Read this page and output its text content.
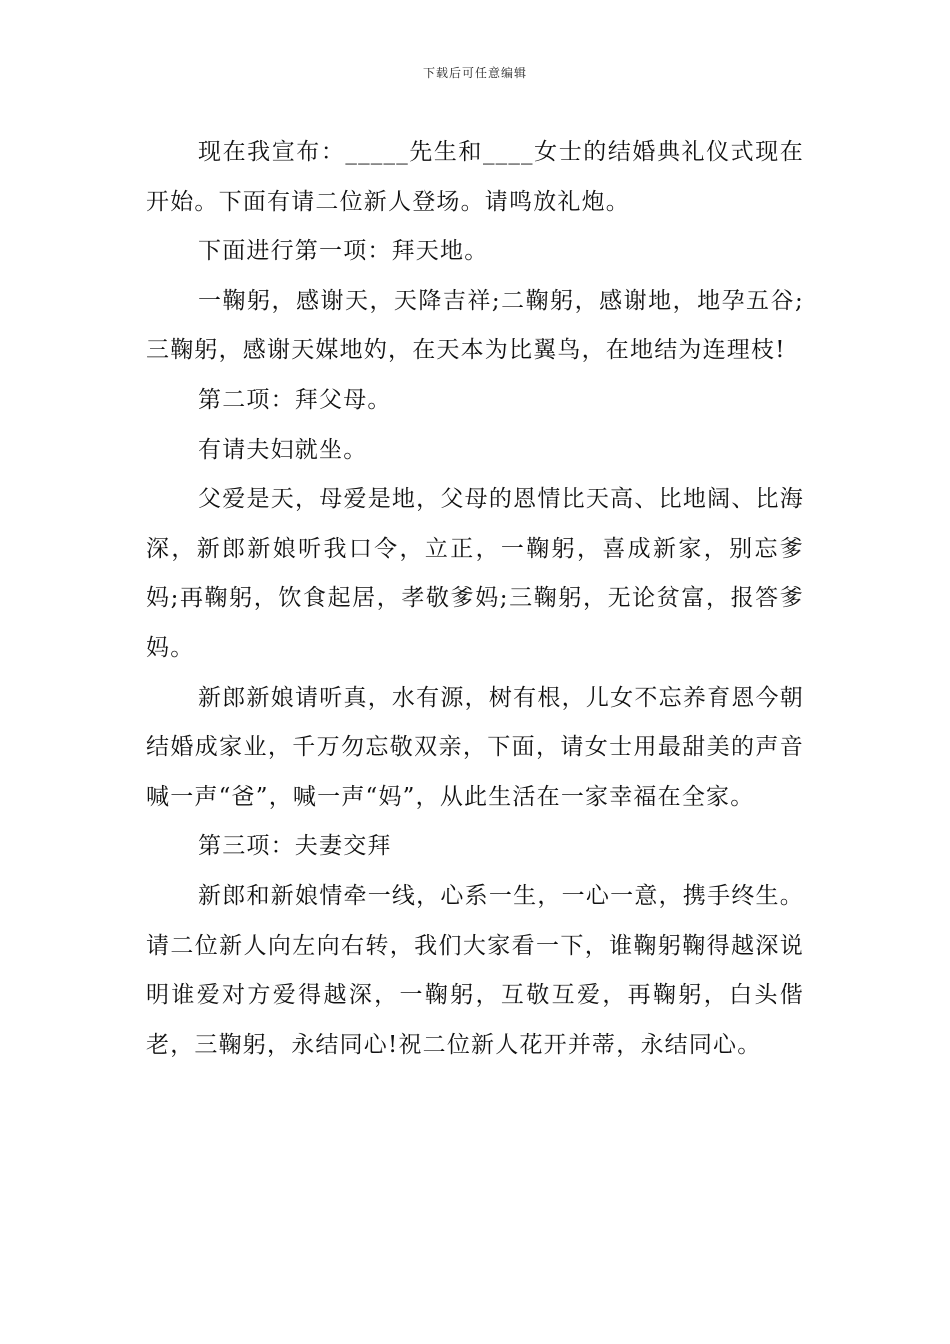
下载后可任意编辑

现在我宣布：_____先生和____女士的结婚典礼仪式现在开始。下面有请二位新人登场。请鸣放礼炮。

下面进行第一项：拜天地。

一鞠躬，感谢天，天降吉祥;二鞠躬，感谢地，地孕五谷;三鞠躬，感谢天媒地妁，在天本为比翼鸟，在地结为连理枝!

第二项：拜父母。

有请夫妇就坐。

父爱是天，母爱是地，父母的恩情比天高、比地阔、比海深，新郎新娘听我口令，立正，一鞠躬，喜成新家，别忘爹妈;再鞠躬，饮食起居，孝敬爹妈;三鞠躬，无论贫富，报答爹妈。

新郎新娘请听真，水有源，树有根，儿女不忘养育恩今朝结婚成家业，千万勿忘敬双亲，下面，请女士用最甜美的声音喊一声“爸”，喊一声“妈”，从此生活在一家幸福在全家。

第三项：夫妻交拜

新郎和新娘情牵一线，心系一生，一心一意，携手终生。请二位新人向左向右转，我们大家看一下，谁鞠躬鞠得越深说明谁爱对方爱得越深，一鞠躬，互敬互爱，再鞠躬，白头偕老，三鞠躬，永结同心!祝二位新人花开并蒂，永结同心。
